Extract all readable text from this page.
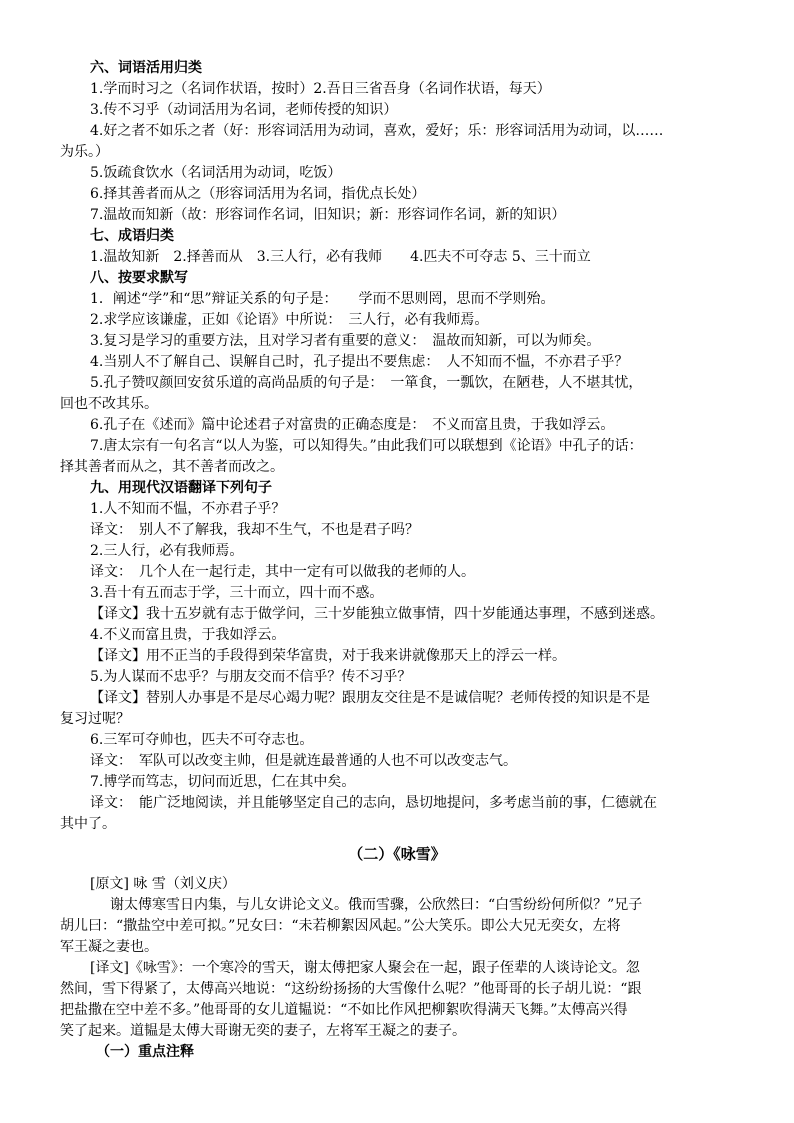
六、词语活用归类
1.学而时习之（名词作状语，按时）2.吾日三省吾身（名词作状语，每天）
3.传不习乎（动词活用为名词，老师传授的知识）
4.好之者不如乐之者（好：形容词活用为动词，喜欢，爱好；乐：形容词活用为动词，以……
为乐。）
5.饭疏食饮水（名词活用为动词，吃饭）
6.择其善者而从之（形容词活用为名词，指优点长处）
7.温故而知新（故：形容词作名词，旧知识；新：形容词作名词，新的知识）
七、成语归类
1.温故知新　2.择善而从　3.三人行，必有我师　　4.匹夫不可夺志 5、三十而立
八、按要求默写
1．阐述“学”和“思”辩证关系的句子是：　　学而不思则罔，思而不学则殆。
2.求学应该谦虚，正如《论语》中所说：　三人行，必有我师焉。
3.复习是学习的重要方法，且对学习者有重要的意义：　温故而知新，可以为师矣。
4.当别人不了解自己、误解自己时，孔子提出不要焦虑：　人不知而不愠，不亦君子乎？
5.孔子赞叹颜回安贫乐道的高尚品质的句子是：　一箪食，一瓢饮，在陋巷，人不堪其忧，
回也不改其乐。
6.孔子在《述而》篇中论述君子对富贵的正确态度是：　不义而富且贵，于我如浮云。
7.唐太宗有一句名言“以人为鉴，可以知得失。”由此我们可以联想到《论语》中孔子的话：
择其善者而从之，其不善者而改之。
九、用现代汉语翻译下列句子
1.人不知而不愠，不亦君子乎？
译文：　别人不了解我，我却不生气，不也是君子吗？
2.三人行，必有我师焉。
译文：　几个人在一起行走，其中一定有可以做我的老师的人。
3.吾十有五而志于学，三十而立，四十而不惑。
【译文】我十五岁就有志于做学问，三十岁能独立做事情，四十岁能通达事理，不感到迷惑。
4.不义而富且贵，于我如浮云。
【译文】用不正当的手段得到荣华富贵，对于我来讲就像那天上的浮云一样。
5.为人谋而不忠乎？与朋友交而不信乎？传不习乎？
【译文】替别人办事是不是尽心竭力呢？跟朋友交往是不是诚信呢？老师传授的知识是不是
复习过呢？
6.三军可夺帅也，匹夫不可夺志也。
译文：　军队可以改变主帅，但是就连最普通的人也不可以改变志气。
7.博学而笃志，切问而近思，仁在其中矣。
译文：　能广泛地阅读，并且能够坚定自己的志向，恳切地提问，多考虑当前的事，仁德就在
其中了。
（二）《咏雪》
[原文] 咏 雪（刘义庆）
谢太傅寒雪日内集，与儿女讲论文义。俄而雪骤，公欣然曰：“白雪纷纷何所似？”兄子
胡儿曰：“撒盐空中差可拟。”兄女曰：“未若柳絮因风起。”公大笑乐。即公大兄无奕女，左将
军王凝之妻也。
[译文]《咏雪》：一个寒冷的雪天，谢太傅把家人聚会在一起，跟子侄辈的人谈诗论文。忽
然间，雪下得紧了，太傅高兴地说：“这纷纷扬扬的大雪像什么呢？”他哥哥的长子胡儿说：“跟
把盐撒在空中差不多。”他哥哥的女儿道韫说：“不如比作风把柳絮吹得满天飞舞。”太傅高兴得
笑了起来。道韫是太傅大哥谢无奕的妻子，左将军王凝之的妻子。
（一）重点注释
